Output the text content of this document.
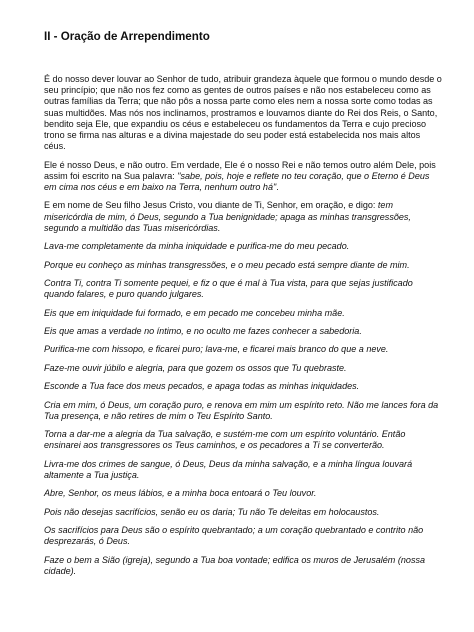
II - Oração de Arrependimento

É do nosso dever louvar ao Senhor de tudo, atribuir grandeza àquele que formou o mundo desde o seu princípio; que não nos fez como as gentes de outros países e não nos estabeleceu como as outras famílias da Terra; que não pôs a nossa parte como eles nem a nossa sorte como todas as suas multidões. Mas nós nos inclinamos, prostramos e louvamos diante do Rei dos Reis, o Santo, bendito seja Ele, que expandiu os céus e estabeleceu os fundamentos da Terra e cujo precioso trono se firma nas alturas e a divina majestade do seu poder está estabelecida nos mais altos céus.

Ele é nosso Deus, e não outro. Em verdade, Ele é o nosso Rei e não temos outro além Dele, pois assim foi escrito na Sua palavra: "sabe, pois, hoje e reflete no teu coração, que o Eterno é Deus em cima nos céus e em baixo na Terra, nenhum outro há".

E em nome de Seu filho Jesus Cristo, vou diante de Ti, Senhor, em oração, e digo: tem misericórdia de mim, ó Deus, segundo a Tua benignidade; apaga as minhas transgressões, segundo a multidão das Tuas misericórdias.

Lava-me completamente da minha iniquidade e purifica-me do meu pecado.

Porque eu conheço as minhas transgressões, e o meu pecado está sempre diante de mim.

Contra Ti, contra Ti somente pequei, e fiz o que é mal à Tua vista, para que sejas justificado quando falares, e puro quando julgares.

Eis que em iniquidade fui formado, e em pecado me concebeu minha mãe.

Eis que amas a verdade no íntimo, e no oculto me fazes conhecer a sabedoria.

Purifica-me com hissopo, e ficarei puro; lava-me, e ficarei mais branco do que a neve.

Faze-me ouvir júbilo e alegria, para que gozem os ossos que Tu quebraste.

Esconde a Tua face dos meus pecados, e apaga todas as minhas iniquidades.

Cria em mim, ó Deus, um coração puro, e renova em mim um espírito reto. Não me lances fora da Tua presença, e não retires de mim o Teu Espírito Santo.

Torna a dar-me a alegria da Tua salvação, e sustém-me com um espírito voluntário. Então ensinarei aos transgressores os Teus caminhos, e os pecadores a Ti se converterão.

Livra-me dos crimes de sangue, ó Deus, Deus da minha salvação, e a minha língua louvará altamente a Tua justiça.

Abre, Senhor, os meus lábios, e a minha boca entoará o Teu louvor.

Pois não desejas sacrifícios, senão eu os daria; Tu não Te deleitas em holocaustos.

Os sacrifícios para Deus são o espírito quebrantado; a um coração quebrantado e contrito não desprezarás, ó Deus.

Faze o bem a Sião (igreja), segundo a Tua boa vontade; edifica os muros de Jerusalém (nossa cidade).
